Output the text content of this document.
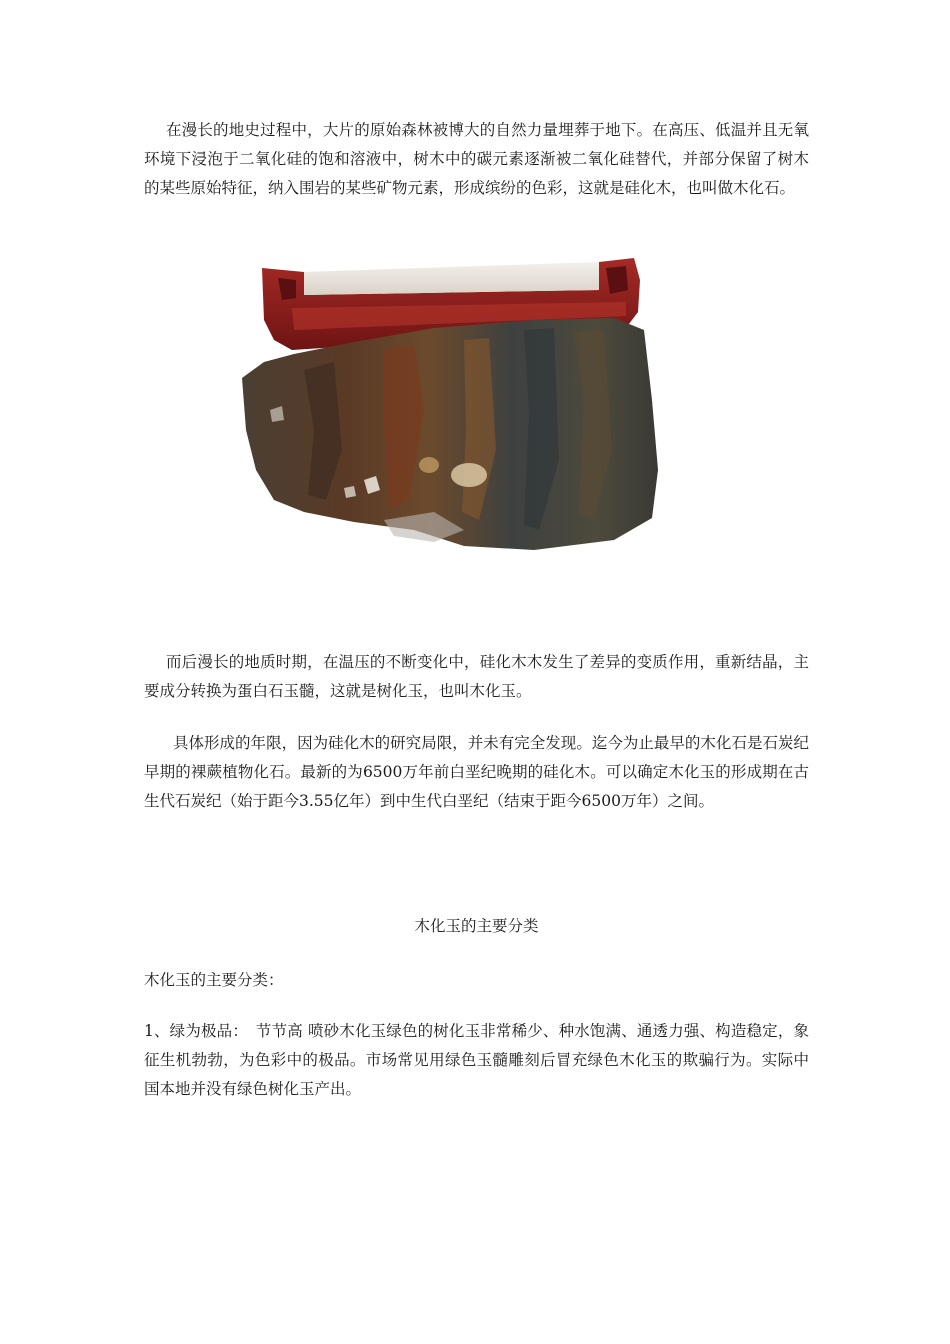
在漫长的地史过程中，大片的原始森林被博大的自然力量埋葬于地下。在高压、低温并且无氧环境下浸泡于二氧化硅的饱和溶液中，树木中的碳元素逐渐被二氧化硅替代，并部分保留了树木的某些原始特征，纳入围岩的某些矿物元素，形成缤纷的色彩，这就是硅化木，也叫做木化石。

而后漫长的地质时期，在温压的不断变化中，硅化木木发生了差异的变质作用，重新结晶，主要成分转换为蛋白石玉髓，这就是树化玉，也叫木化玉。

具体形成的年限，因为硅化木的研究局限，并未有完全发现。迄今为止最早的木化石是石炭纪早期的裸蕨植物化石。最新的为6500万年前白垩纪晚期的硅化木。可以确定木化玉的形成期在古生代石炭纪（始于距今3.55亿年）到中生代白垩纪（结束于距今6500万年）之间。

木化玉的主要分类

木化玉的主要分类：

1、绿为极品：　节节高 喷砂木化玉绿色的树化玉非常稀少、种水饱满、通透力强、构造稳定，象征生机勃勃，为色彩中的极品。市场常见用绿色玉髓雕刻后冒充绿色木化玉的欺骗行为。实际中国本地并没有绿色树化玉产出。
